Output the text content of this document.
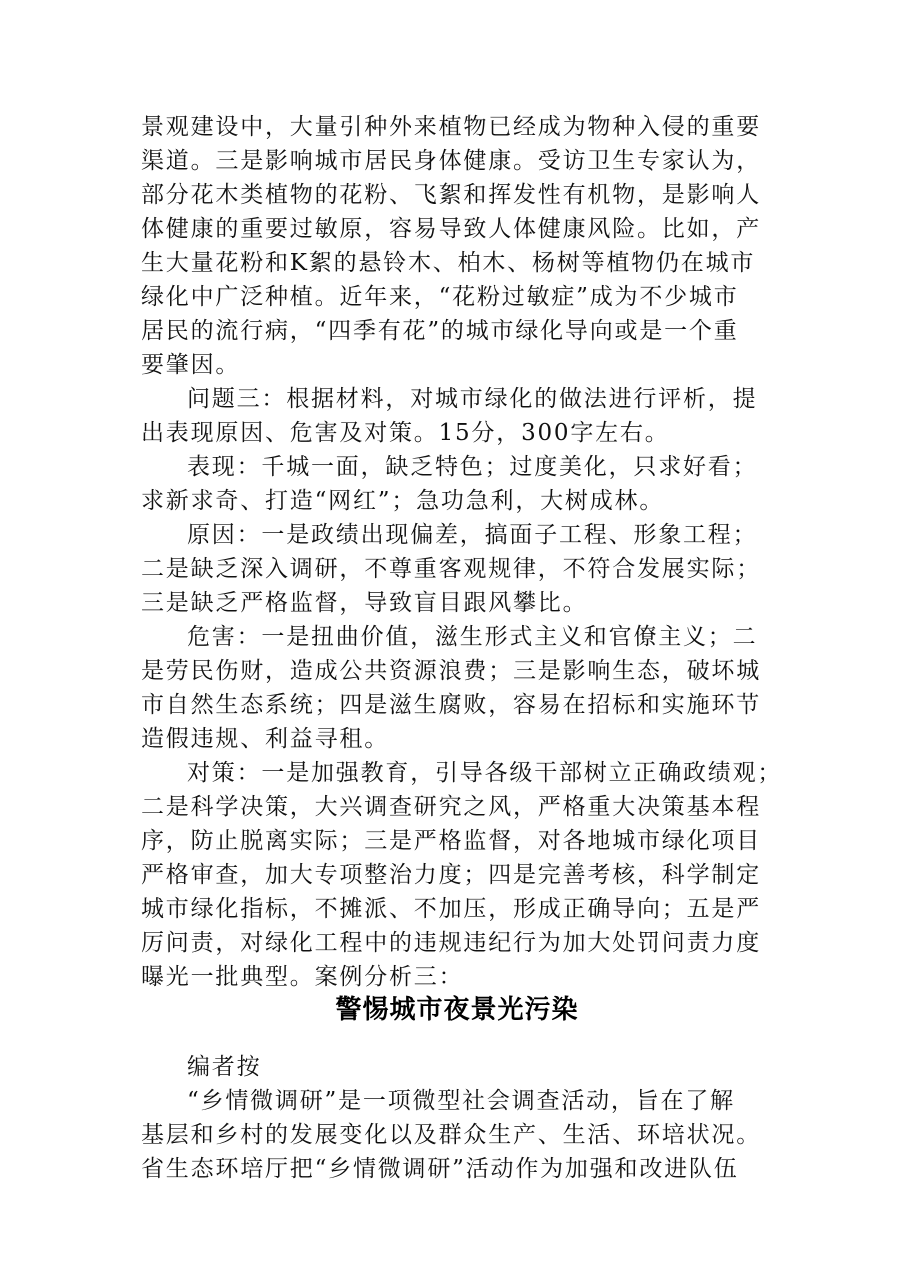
景观建设中，大量引种外来植物已经成为物种入侵的重要
渠道。三是影响城市居民身体健康。受访卫生专家认为，
部分花木类植物的花粉、飞絮和挥发性有机物，是影响人
体健康的重要过敏原，容易导致人体健康风险。比如，产
生大量花粉和K絮的悬铃木、柏木、杨树等植物仍在城市
绿化中广泛种植。近年来，“花粉过敏症”成为不少城市
居民的流行病，“四季有花”的城市绿化导向或是一个重
要肇因。
问题三：根据材料，对城市绿化的做法进行评析，提
出表现原因、危害及对策。15分，300字左右。
表现：千城一面，缺乏特色；过度美化，只求好看；
求新求奇、打造“网红”；急功急利，大树成林。
原因：一是政绩出现偏差，搞面子工程、形象工程；
二是缺乏深入调研，不尊重客观规律，不符合发展实际；
三是缺乏严格监督，导致盲目跟风攀比。
危害：一是扭曲价值，滋生形式主义和官僚主义；二
是劳民伤财，造成公共资源浪费；三是影响生态，破坏城
市自然生态系统；四是滋生腐败，容易在招标和实施环节
造假违规、利益寻租。
对策：一是加强教育，引导各级干部树立正确政绩观；
二是科学决策，大兴调查研究之风，严格重大决策基本程
序，防止脱离实际；三是严格监督，对各地城市绿化项目
严格审查，加大专项整治力度；四是完善考核，科学制定
城市绿化指标，不摊派、不加压，形成正确导向；五是严
厉问责，对绿化工程中的违规违纪行为加大处罚问责力度
曝光一批典型。案例分析三：
警惕城市夜景光污染
编者按
“乡情微调研”是一项微型社会调查活动，旨在了解
基层和乡村的发展变化以及群众生产、生活、环培状况。
省生态环培厅把“乡情微调研”活动作为加强和改进队伍
